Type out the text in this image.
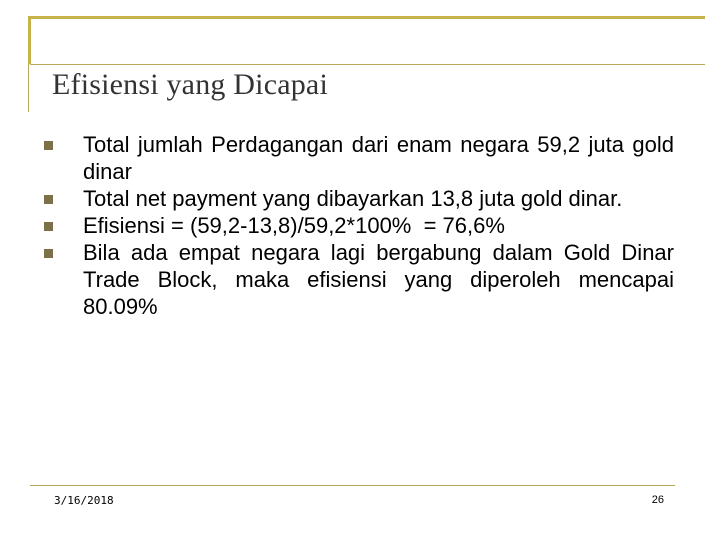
Efisiensi yang Dicapai
Total jumlah Perdagangan dari enam negara 59,2 juta gold dinar
Total net payment yang dibayarkan 13,8 juta gold dinar.
Efisiensi = (59,2-13,8)/59,2*100%  = 76,6%
Bila ada empat negara lagi bergabung dalam Gold Dinar Trade Block, maka efisiensi yang diperoleh mencapai 80.09%
3/16/2018	26
